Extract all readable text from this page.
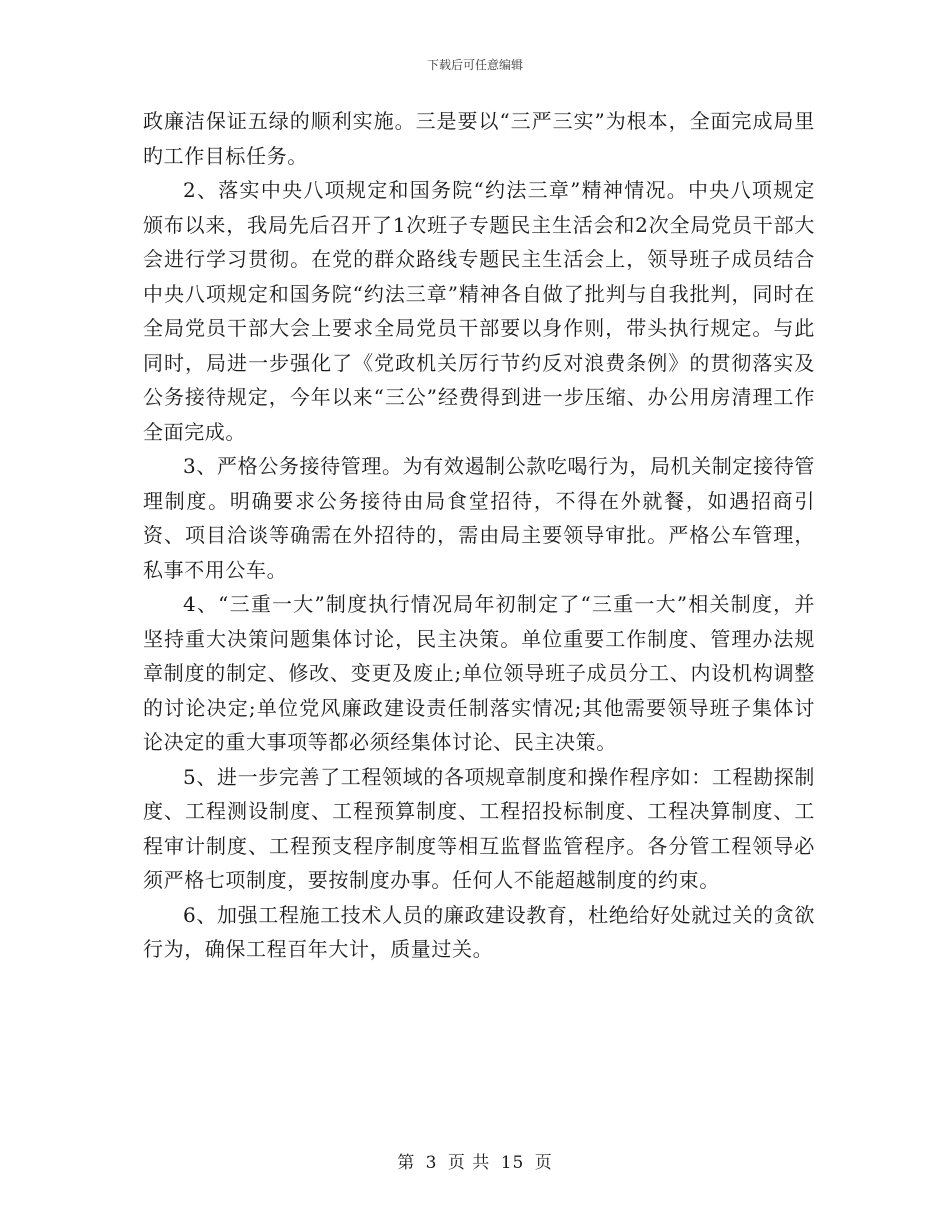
下载后可任意编辑

政廉洁保证五绿的顺利实施。三是要以“三严三实”为根本，全面完成局里旳工作目标任务。

2、落实中央八项规定和国务院“约法三章”精神情况。中央八项规定颁布以来，我局先后召开了1次班子专题民主生活会和2次全局党员干部大会进行学习贯彻。在党的群众路线专题民主生活会上，领导班子成员结合中央八项规定和国务院“约法三章”精神各自做了批判与自我批判，同时在全局党员干部大会上要求全局党员干部要以身作则，带头执行规定。与此同时，局进一步强化了《党政机关厉行节约反对浪费条例》的贯彻落实及公务接待规定，今年以来“三公”经费得到进一步压缩、办公用房清理工作全面完成。

3、严格公务接待管理。为有效遏制公款吃喝行为，局机关制定接待管理制度。明确要求公务接待由局食堂招待，不得在外就餐，如遇招商引资、项目洽谈等确需在外招待的，需由局主要领导审批。严格公车管理，私事不用公车。

4、“三重一大”制度执行情况局年初制定了“三重一大”相关制度，并坚持重大决策问题集体讨论，民主决策。单位重要工作制度、管理办法规章制度的制定、修改、变更及废止;单位领导班子成员分工、内设机构调整的讨论决定;单位党风廉政建设责任制落实情况;其他需要领导班子集体讨论决定的重大事项等都必须经集体讨论、民主决策。

5、进一步完善了工程领域的各项规章制度和操作程序如：工程勘探制度、工程测设制度、工程预算制度、工程招投标制度、工程决算制度、工程审计制度、工程预支程序制度等相互监督监管程序。各分管工程领导必须严格七项制度，要按制度办事。任何人不能超越制度的约束。

6、加强工程施工技术人员的廉政建设教育，杜绝给好处就过关的贪欲行为，确保工程百年大计，质量过关。

第 3 页 共 15 页
